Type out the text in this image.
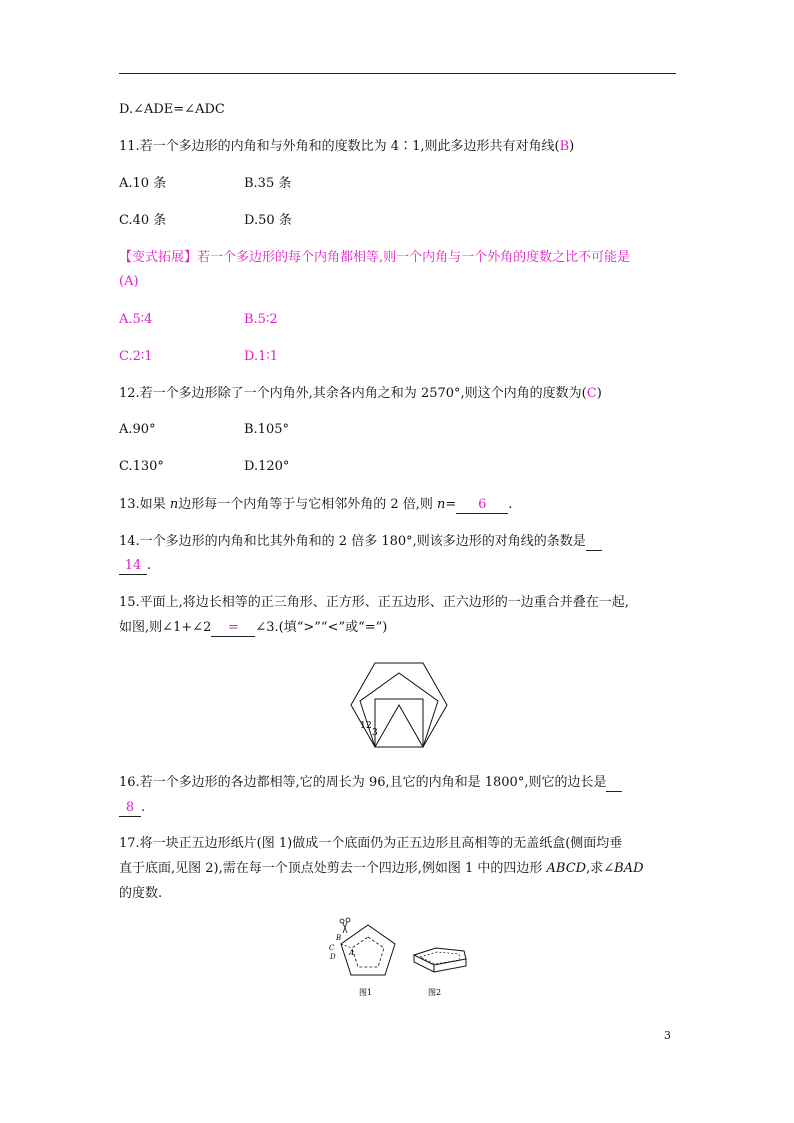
D.∠ADE=∠ADC
11.若一个多边形的内角和与外角和的度数比为 4∶1,则此多边形共有对角线(B)
A.10 条	B.35 条
C.40 条	D.50 条
【变式拓展】若一个多边形的每个内角都相等,则一个内角与一个外角的度数之比不可能是
(A)
A.5∶4	B.5∶2
C.2∶1	D.1∶1
12.若一个多边形除了一个内角外,其余各内角之和为 2570°,则这个内角的度数为(C)
A.90°	B.105°
C.130°	D.120°
13.如果 n边形每一个内角等于与它相邻外角的 2 倍,则 n= 6 .
14.一个多边形的内角和比其外角和的 2 倍多 180°,则该多边形的对角线的条数是
14 .
15.平面上,将边长相等的正三角形、正方形、正五边形、正六边形的一边重合并叠在一起,
如图,则∠1+∠2 = ∠3.(填“>”“<”或“=”)
1 2
3
16.若一个多边形的各边都相等,它的周长为 96,且它的内角和是 1800°,则它的边长是
8 .
17.将一块正五边形纸片(图 1)做成一个底面仍为正五边形且高相等的无盖纸盒(侧面均垂
直于底面,见图 2),需在每一个顶点处剪去一个四边形,例如图 1 中的四边形 ABCD,求∠BAD
的度数.
B
C
D A
图1	图2
3
